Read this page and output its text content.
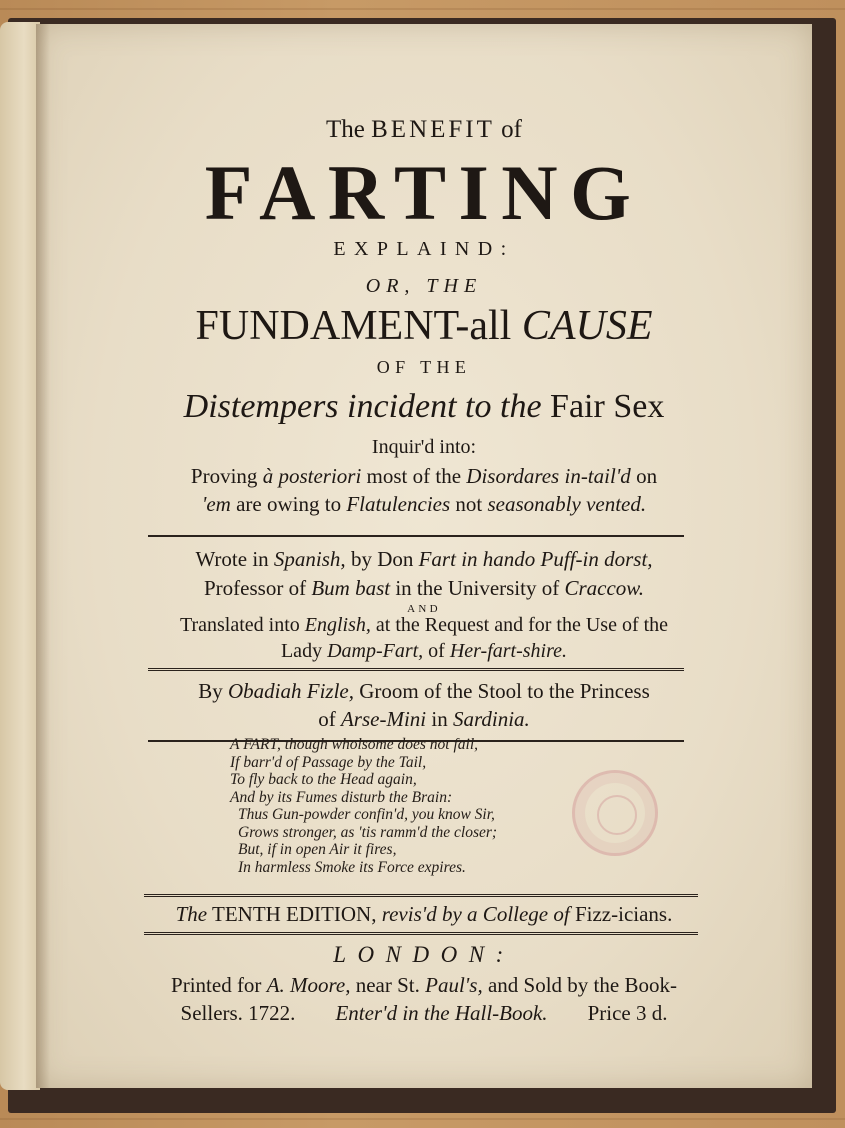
The BENEFIT of
FARTING
EXPLAIND:
OR, THE
FUNDAMENT-all CAUSE
OF THE
Distempers incident to the Fair Sex
Inquir'd into:
Proving à posteriori most of the Disordares in-tail'd on
'em are owing to Flatulencies not seasonably vented.
Wrote in Spanish, by Don Fart in hando Puff-in dorst,
Professor of Bum bast in the University of Craccow.
AND
Translated into English, at the Request and for the Use of the
Lady Damp-Fart, of Her-fart-shire.
By Obadiah Fizle, Groom of the Stool to the Princess
of Arse-Mini in Sardinia.
A FART, though wholsome does not fail,
If barr'd of Passage by the Tail,
To fly back to the Head again,
And by its Fumes disturb the Brain:
Thus Gun-powder confin'd, you know Sir,
Grows stronger, as 'tis ramm'd the closer;
But, if in open Air it fires,
In harmless Smoke its Force expires.
The TENTH EDITION, revis'd by a College of Fizz-icians.
LONDON:
Printed for A. Moore, near St. Paul's, and Sold by the Book-
Sellers. 1722. Enter'd in the Hall-Book. Price 3 d.
